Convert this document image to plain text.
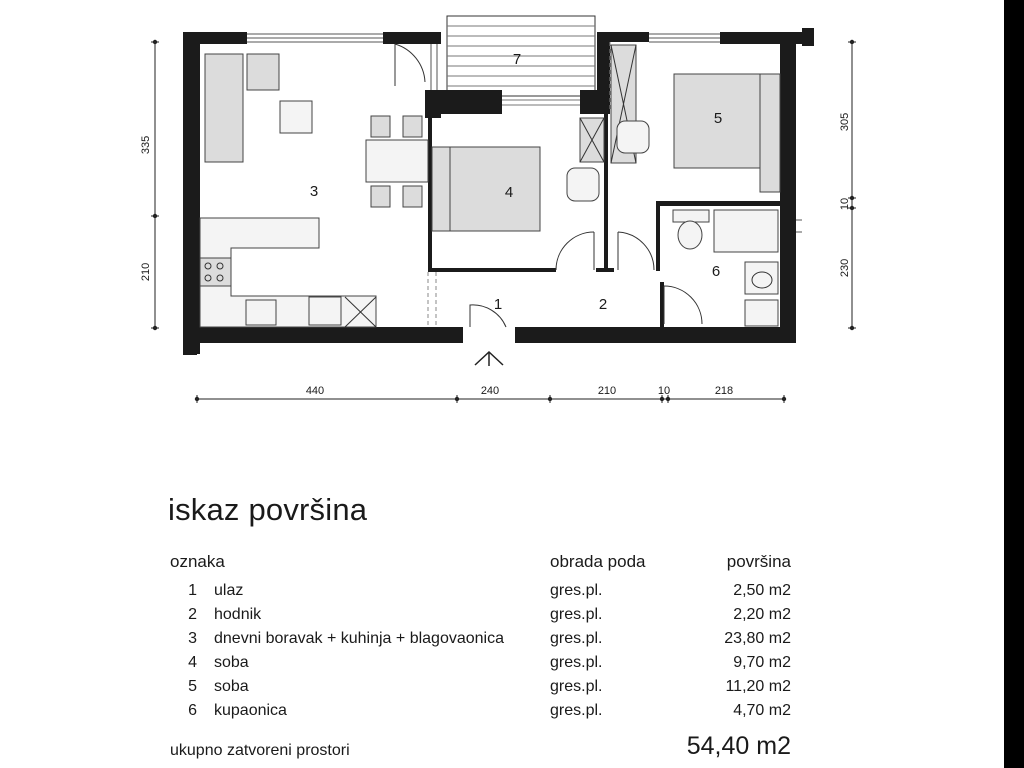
3	4
5
7
6
1	2
335
210
305
10
230
440	240	210	10	218
iskaz površina
oznaka	obrada poda	površina
1 ulaz	gres.pl.	2,50 m2
2 hodnik	gres.pl.	2,20 m2
3 dnevni boravak + kuhinja + blagovaonica	gres.pl.	23,80 m2
4 soba	gres.pl.	9,70 m2
5 soba	gres.pl.	11,20 m2
6 kupaonica	gres.pl.	4,70 m2
ukupno zatvoreni prostori	54,40 m2
